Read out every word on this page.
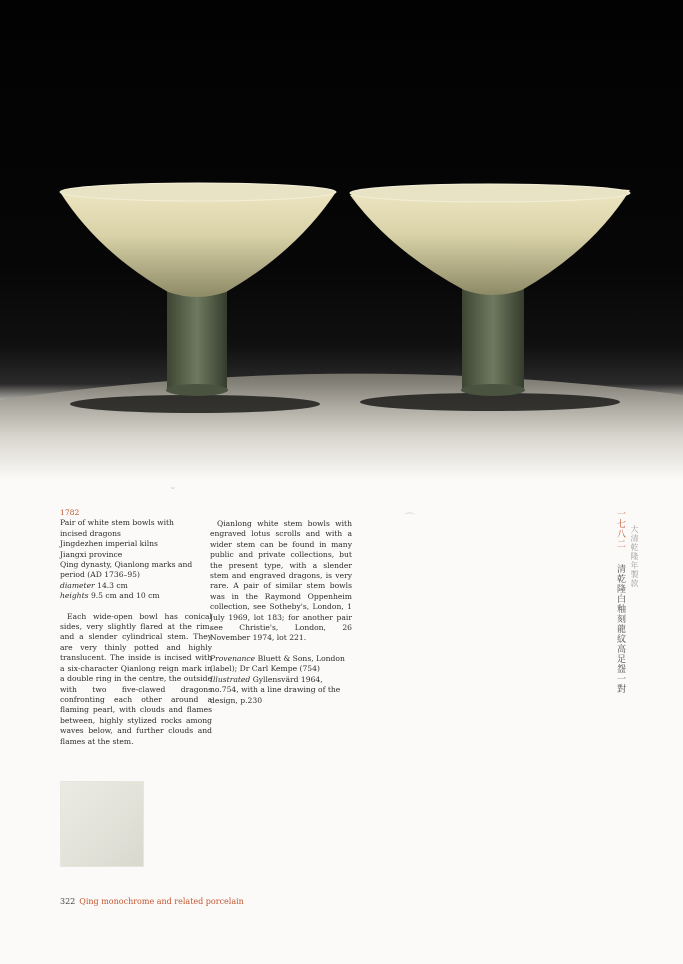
ˇ
⌒

1782

Pair of white stem bowls with

incised dragons

Jingdezhen imperial kilns

Jiangxi province

Qing dynasty, Qianlong marks and

period (AD 1736–95)

diameter 14.3 cm

heights 9.5 cm and 10 cm

Each wide-open bowl has conical sides, very slightly flared at the rim, and a slender cylindrical stem. They are very thinly potted and highly translucent. The inside is incised with a six-character Qianlong reign mark in a double ring in the centre, the outside with two five-clawed dragons confronting each other around a flaming pearl, with clouds and flames between, highly stylized rocks among waves below, and further clouds and flames at the stem.

Qianlong white stem bowls with engraved lotus scrolls and with a wider stem can be found in many public and private collections, but the present type, with a slender stem and engraved dragons, is very rare. A pair of similar stem bowls was in the Raymond Oppenheim collection, see Sotheby's, London, 1 July 1969, lot 183; for another pair see Christie's, London, 26 November 1974, lot 221.

Provenance Bluett & Sons, London (label); Dr Carl Kempe (754)

Illustrated Gyllensvärd 1964, no.754, with a line drawing of the design, p.230

一七八二 大清乾隆年製款
清乾隆白釉刻龍紋高足盌一對
322 Qing monochrome and related porcelain
